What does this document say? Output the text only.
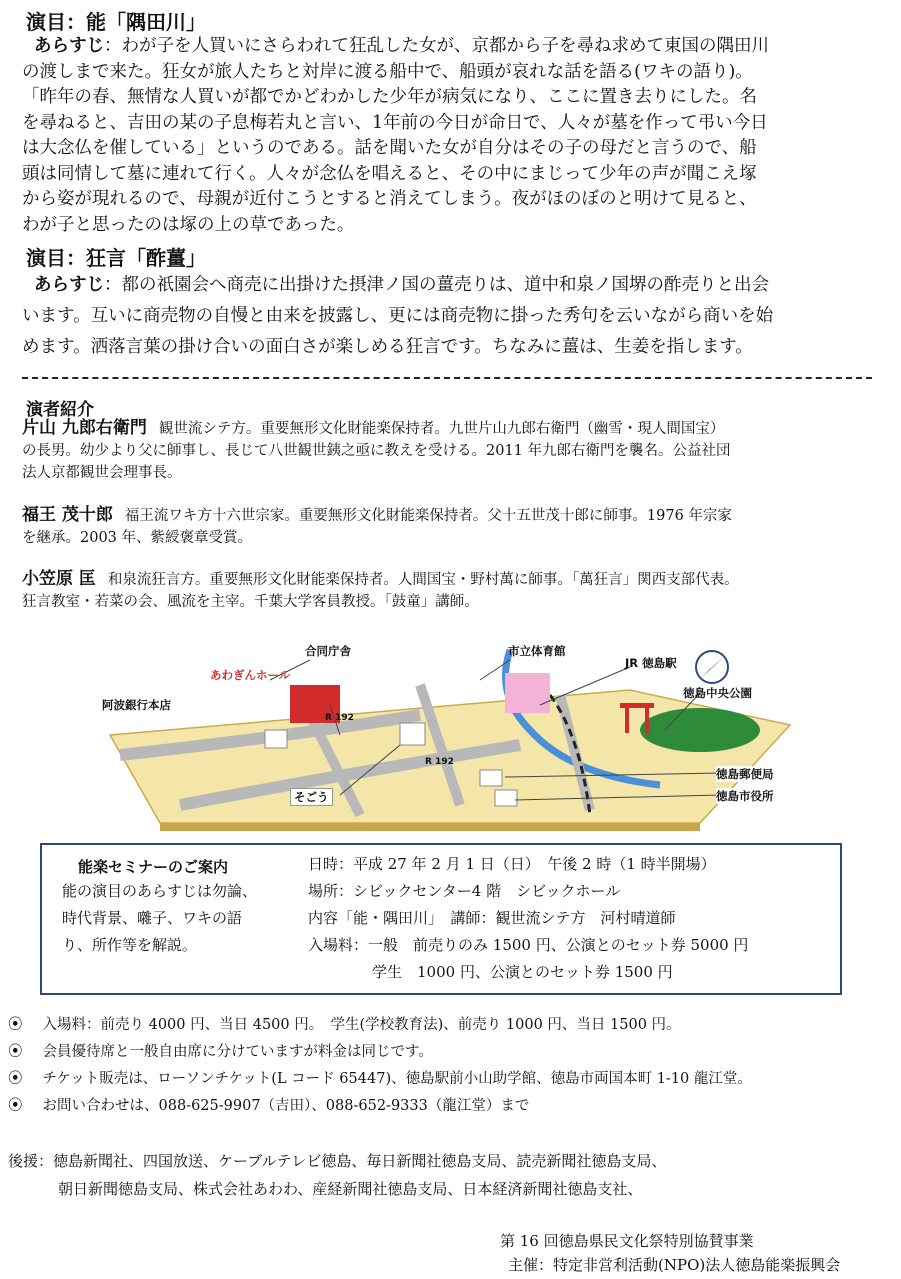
演目：能「隅田川」
あらすじ：わが子を人買いにさらわれて狂乱した女が、京都から子を尋ね求めて東国の隅田川
の渡しまで来た。狂女が旅人たちと対岸に渡る船中で、船頭が哀れな話を語る(ワキの語り)。
「昨年の春、無情な人買いが都でかどわかした少年が病気になり、ここに置き去りにした。名
を尋ねると、吉田の某の子息梅若丸と言い、1年前の今日が命日で、人々が墓を作って弔い今日
は大念仏を催している」というのである。話を聞いた女が自分はその子の母だと言うので、船
頭は同情して墓に連れて行く。人々が念仏を唱えると、その中にまじって少年の声が聞こえ塚
から姿が現れるので、母親が近付こうとすると消えてしまう。夜がほのぼのと明けて見ると、
わが子と思ったのは塚の上の草であった。
演目：狂言「酢薑」
あらすじ：都の祇園会へ商売に出掛けた摂津ノ国の薑売りは、道中和泉ノ国堺の酢売りと出会
います。互いに商売物の自慢と由来を披露し、更には商売物に掛った秀句を云いながら商いを始
めます。洒落言葉の掛け合いの面白さが楽しめる狂言です。ちなみに薑は、生姜を指します。
演者紹介
片山 九郎右衛門 観世流シテ方。重要無形文化財能楽保持者。九世片山九郎右衛門（幽雪・現人間国宝）
の長男。幼少より父に師事し、長じて八世観世銕之亟に教えを受ける。2011 年九郎右衛門を襲名。公益社団
法人京都観世会理事長。
福王 茂十郎 福王流ワキ方十六世宗家。重要無形文化財能楽保持者。父十五世茂十郎に師事。1976 年宗家
を継承。2003 年、紫綬褒章受賞。
小笠原 匡 和泉流狂言方。重要無形文化財能楽保持者。人間国宝・野村萬に師事。「萬狂言」関西支部代表。
狂言教室・若菜の会、風流を主宰。千葉大学客員教授。「鼓童」講師。
合同庁舎	市立体育館
JR 徳島駅
あわぎんホール
阿波銀行本店
徳島中央公園
R 192
R 192
徳島郵便局
そごう	徳島市役所
能楽セミナーのご案内
能の演目のあらすじは勿論、
時代背景、囃子、ワキの語
り、所作等を解説。
日時：平成 27 年 2 月 1 日（日）　午後 2 時（1 時半開場）
場所：シビックセンター4 階　シビックホール
内容「能・隅田川」　講師：観世流シテ方　河村晴道師
入場料：一般　前売りのみ 1500 円、公演とのセット券 5000 円
学生　1000 円、公演とのセット券 1500 円
⦿ 入場料：前売り 4000 円、当日 4500 円。　学生(学校教育法)、前売り 1000 円、当日 1500 円。
⦿ 会員優待席と一般自由席に分けていますが料金は同じです。
⦿ チケット販売は、ローソンチケット(L コード 65447)、徳島駅前小山助学館、徳島市両国本町 1-10 龍江堂。
⦿ お問い合わせは、088-625-9907（吉田）、088-652-9333（龍江堂）まで
後援：徳島新聞社、四国放送、ケーブルテレビ徳島、毎日新聞社徳島支局、読売新聞社徳島支局、
朝日新聞徳島支局、株式会社あわわ、産経新聞社徳島支局、日本経済新聞社徳島支社、
第 16 回徳島県民文化祭特別協賛事業
主催：特定非営利活動(NPO)法人徳島能楽振興会
